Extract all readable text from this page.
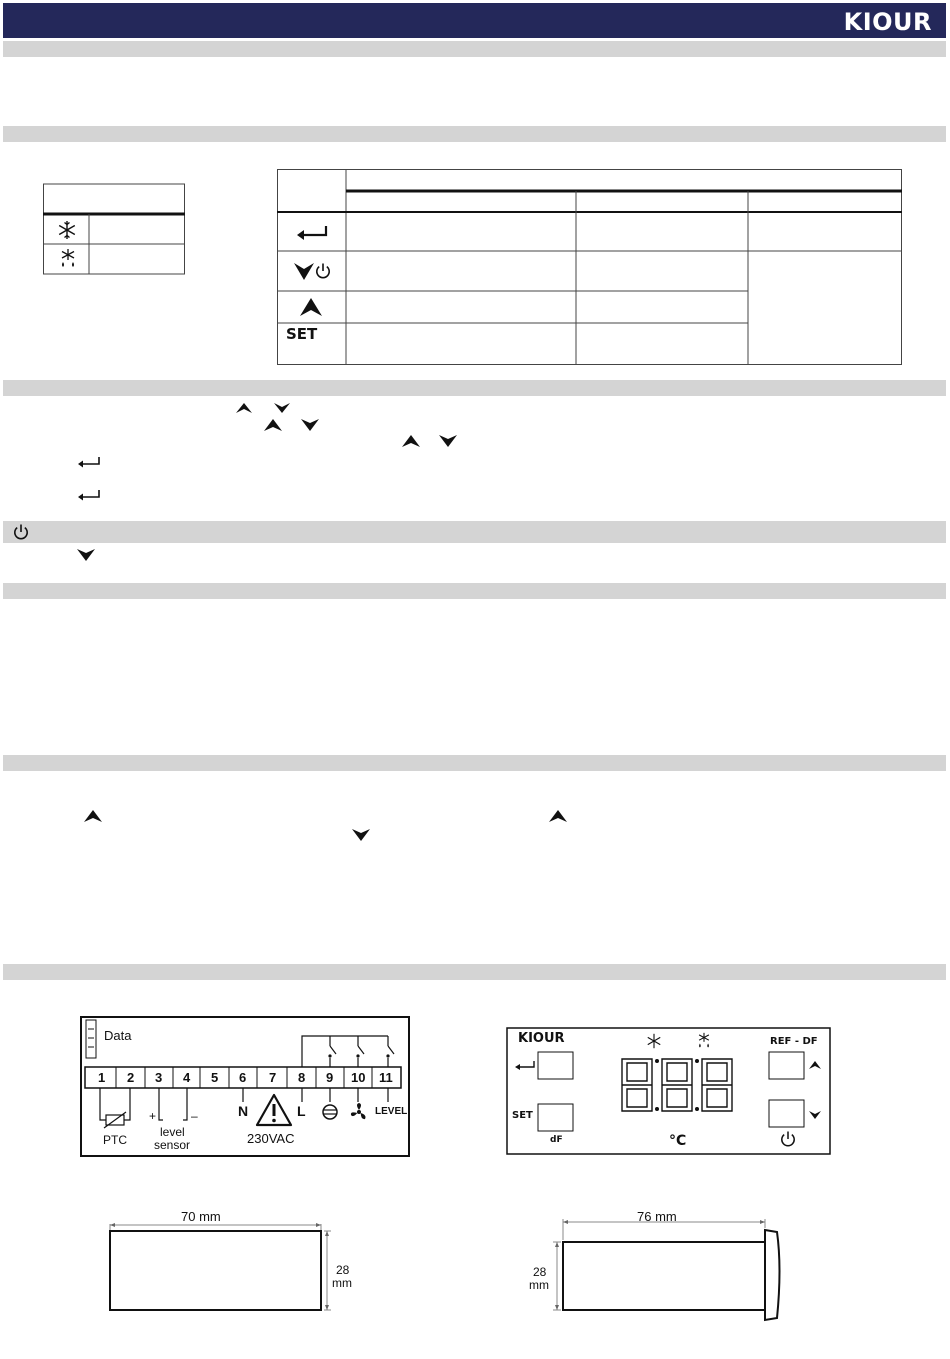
KIOUR
SET
Data
1 2 3 4 5 6 7 8 9 10 11
PTC
+	–
level
sensor
N	L
230VAC
LEVEL
KIOUR	REF - DF
SET
dF	°C
70 mm
28
mm
76 mm
28
mm
